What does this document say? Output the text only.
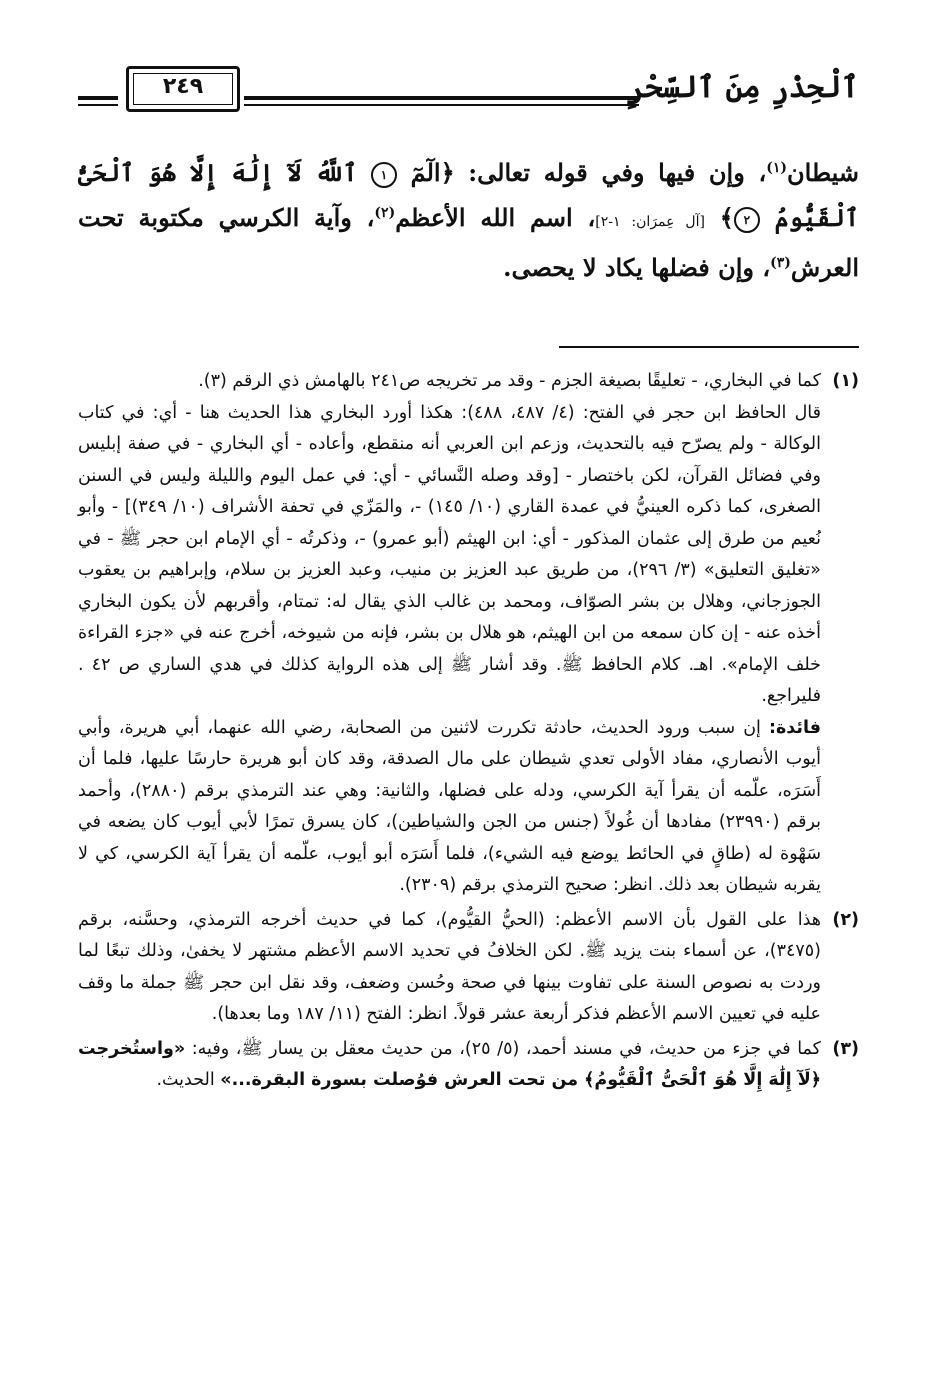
ٱلْحِذْرِ مِنَ ٱلسِّحْرِ
٢٤٩

شيطان$^{(١)}$، وإن فيها وفي قوله تعالى: ﴿الٓمٓ ١ ٱللَّهُ لَآ إِلَٰهَ إِلَّا هُوَ ٱلْحَىُّ ٱلْقَيُّومُ ٢﴾ [آل عِمرَان: ١-٢]، اسم الله الأعظم$^{(٢)}$، وآية الكرسي مكتوبة تحت العرش$^{(٣)}$، وإن فضلها يكاد لا يحصى.

(١)

كما في البخاري، - تعليقًا بصيغة الجزم - وقد مر تخريجه ص٢٤١ بالهامش ذي الرقم (٣).

قال الحافظ ابن حجر في الفتح: (٤/ ٤٨٧، ٤٨٨): هكذا أورد البخاري هذا الحديث هنا - أي: في كتاب الوكالة - ولم يصرّح فيه بالتحديث، وزعم ابن العربي أنه منقطع، وأعاده - أي البخاري - في صفة إبليس وفي فضائل القرآن، لكن باختصار - [وقد وصله النَّسائي - أي: في عمل اليوم والليلة وليس في السنن الصغرى، كما ذكره العينيُّ في عمدة القاري (١٠/ ١٤٥) -، والمَزّي في تحفة الأشراف (١٠/ ٣٤٩)] - وأبو نُعيم من طرق إلى عثمان المذكور - أي: ابن الهيثم (أبو عمرو) -، وذكرتُه - أي الإمام ابن حجر ﷺ - في «تغليق التعليق» (٣/ ٢٩٦)، من طريق عبد العزيز بن منيب، وعبد العزيز بن سلام، وإبراهيم بن يعقوب الجوزجاني، وهلال بن بشر الصوّاف، ومحمد بن غالب الذي يقال له: تمتام، وأقربهم لأن يكون البخاري أخذه عنه - إن كان سمعه من ابن الهيثم، هو هلال بن بشر، فإنه من شيوخه، أخرج عنه في «جزء القراءة خلف الإمام». اهـ. كلام الحافظ ﷺ. وقد أشار ﷺ إلى هذه الرواية كذلك في هدي الساري ص ٤٢ . فليراجع.

فائدة: إن سبب ورود الحديث، حادثة تكررت لاثنين من الصحابة، رضي الله عنهما، أبي هريرة، وأبي أيوب الأنصاري، مفاد الأولى تعدي شيطان على مال الصدقة، وقد كان أبو هريرة حارسًا عليها، فلما أن أَسَرَه، علّمه أن يقرأ آية الكرسي، ودله على فضلها، والثانية: وهي عند الترمذي برقم (٢٨٨٠)، وأحمد برقم (٢٣٩٩٠) مفادها أن غُولاً (جنس من الجن والشياطين)، كان يسرق تمرًا لأبي أيوب كان يضعه في سَهْوة له (طاقٍ في الحائط يوضع فيه الشيء)، فلما أَسَرَه أبو أيوب، علّمه أن يقرأ آية الكرسي، كي لا يقربه شيطان بعد ذلك. انظر: صحيح الترمذي برقم (٢٣٠٩).

(٢)

هذا على القول بأن الاسم الأعظم: (الحيُّ القيُّوم)، كما في حديث أخرجه الترمذي، وحسَّنه، برقم (٣٤٧٥)، عن أسماء بنت يزيد ﷺ. لكن الخلافُ في تحديد الاسم الأعظم مشتهر لا يخفىٰ، وذلك تبعًا لما وردت به نصوص السنة على تفاوت بينها في صحة وحُسن وضعف، وقد نقل ابن حجر ﷺ جملة ما وقف عليه في تعيين الاسم الأعظم فذكر أربعة عشر قولاً. انظر: الفتح (١١/ ١٨٧ وما بعدها).

(٣)

كما في جزء من حديث، في مسند أحمد، (٥/ ٢٥)، من حديث معقل بن يسار ﷺ، وفيه: «واستُخرجت ﴿لَآ إِلَٰهَ إِلَّا هُوَ ٱلْحَىُّ ٱلْقَيُّومُ﴾ من تحت العرش فوُصلت بسورة البقرة...» الحديث.
